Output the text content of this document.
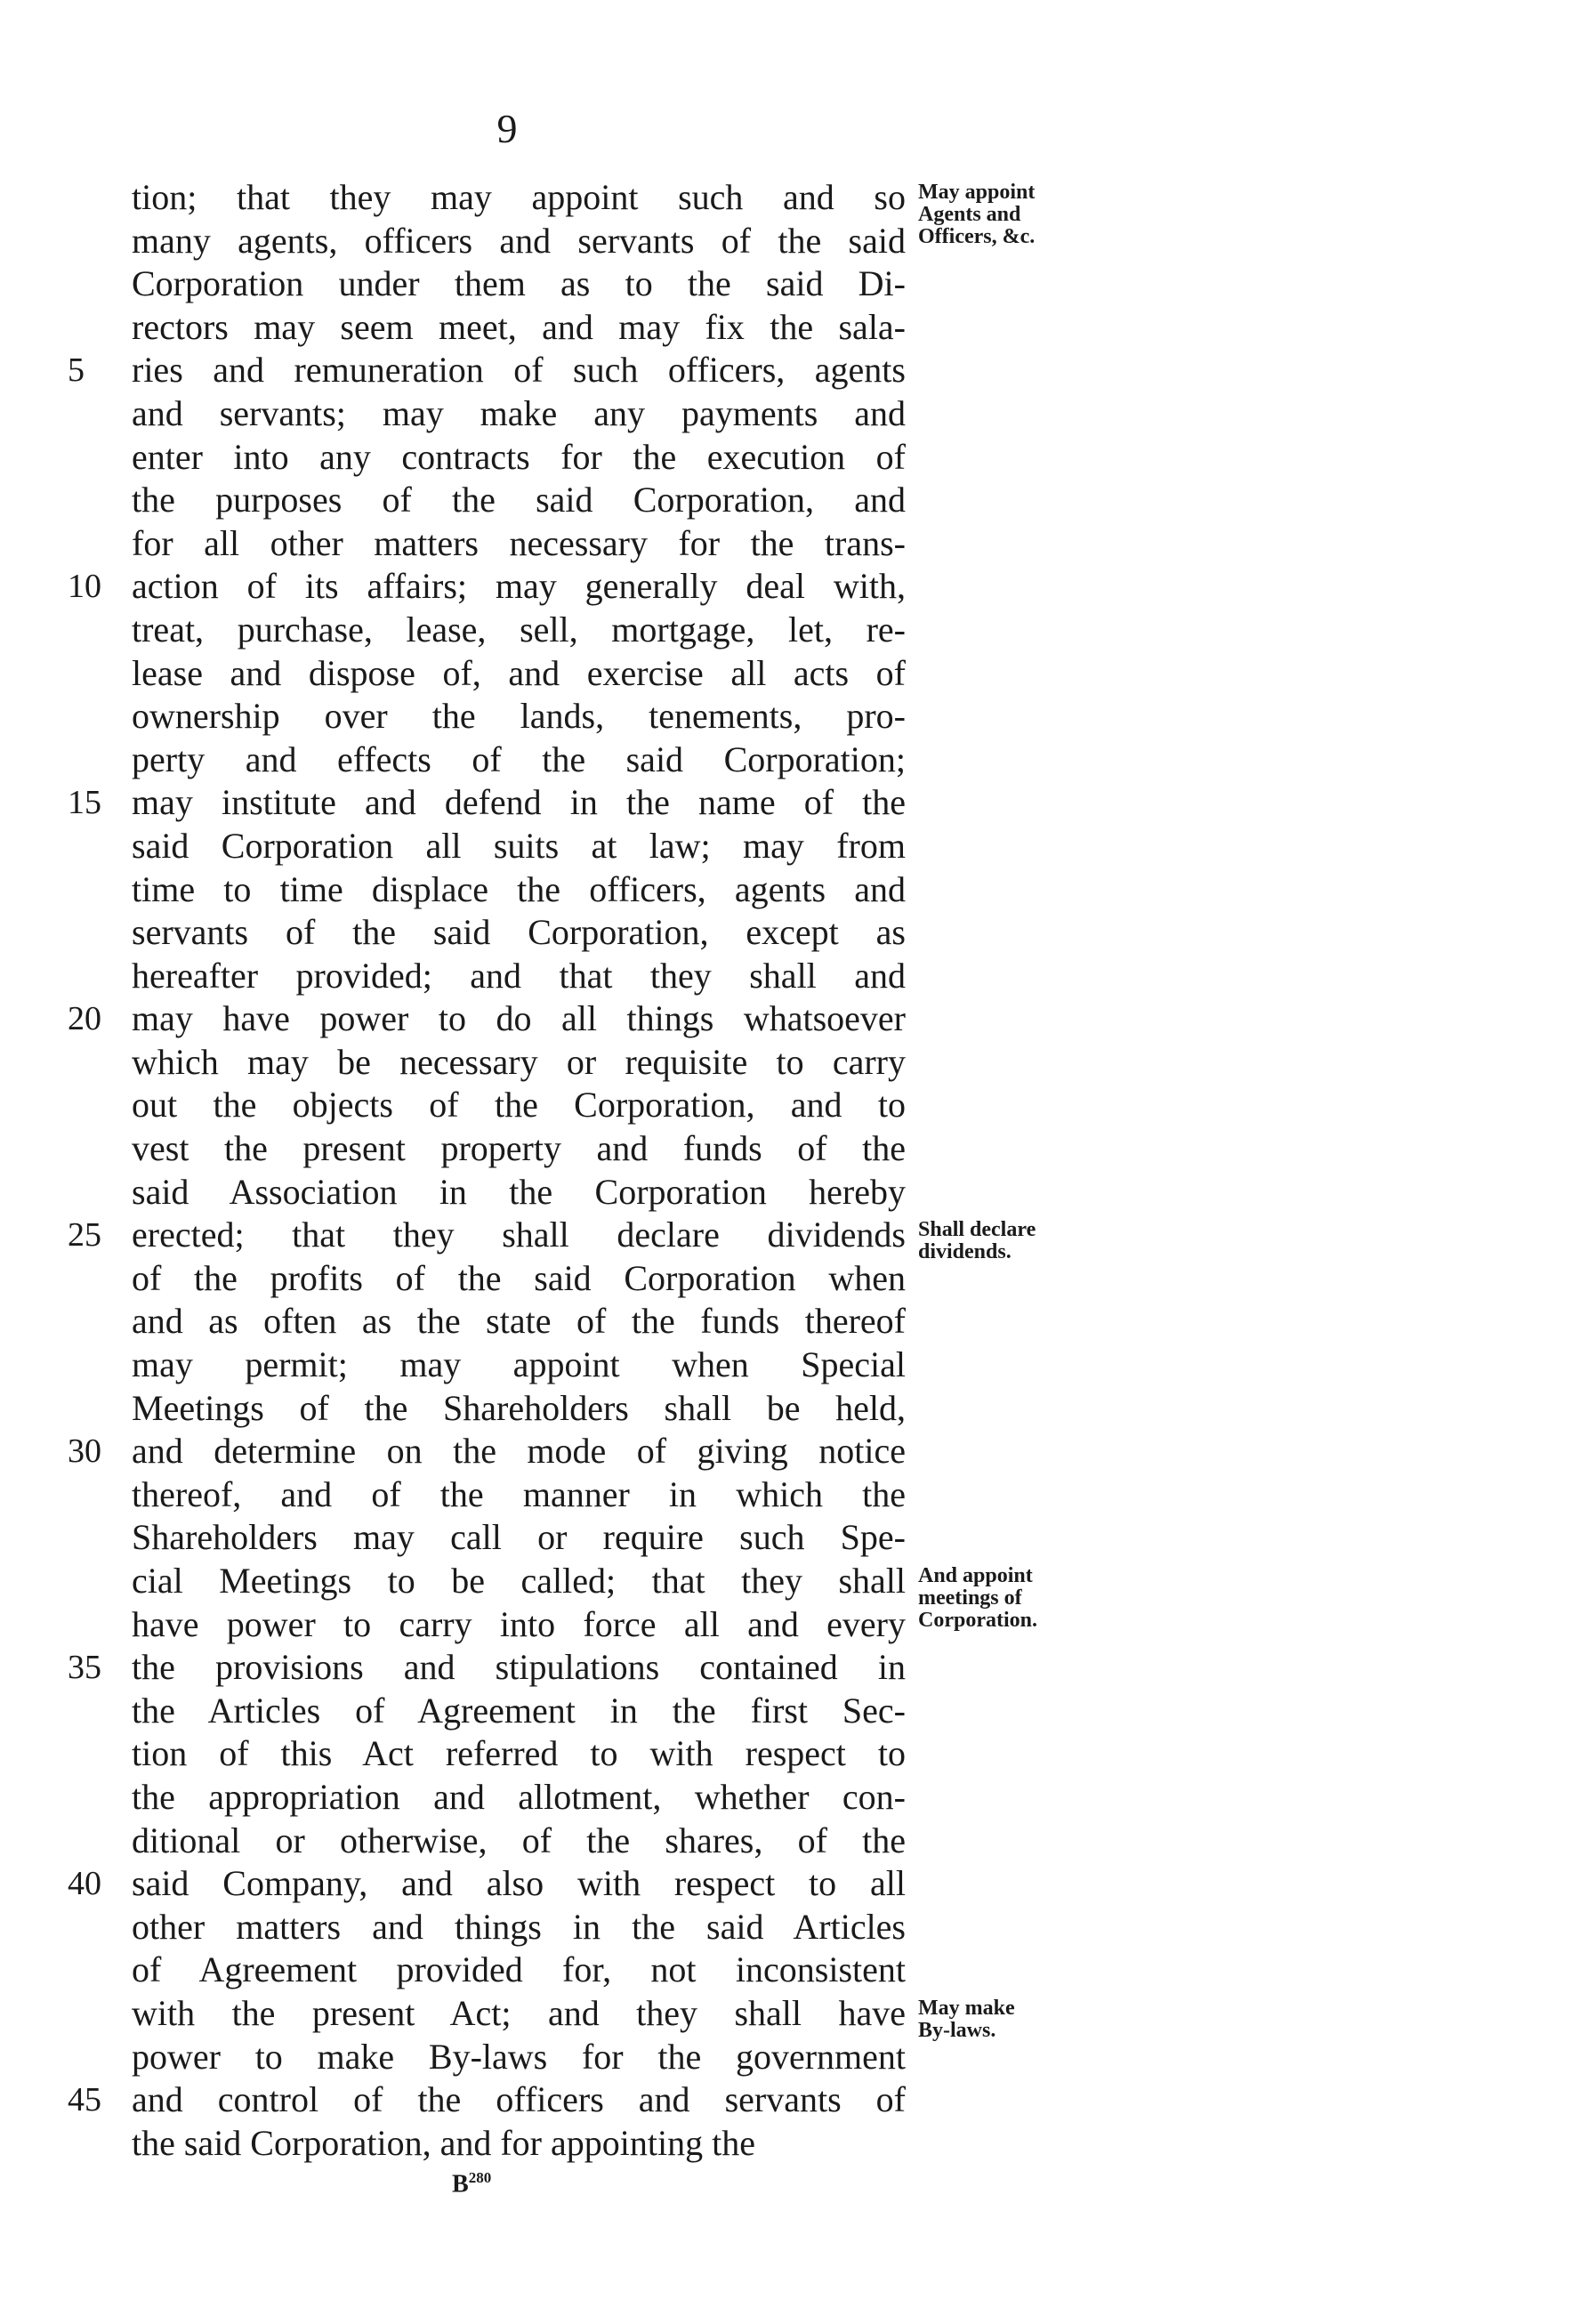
9
tion; that they may appoint such and so
many agents, officers and servants of the said
Corporation under them as to the said Di-
rectors may seem meet, and may fix the sala-
5	ries and remuneration of such officers, agents
and servants; may make any payments and
enter into any contracts for the execution of
the purposes of the said Corporation, and
for all other matters necessary for the trans-
10 action of its affairs; may generally deal with,
treat, purchase, lease, sell, mortgage, let, re-
lease and dispose of, and exercise all acts of
ownership over the lands, tenements, pro-
perty and effects of the said Corporation;
15 may institute and defend in the name of the
said Corporation all suits at law; may from
time to time displace the officers, agents and
servants of the said Corporation, except as
hereafter provided; and that they shall and
20 may have power to do all things whatsoever
which may be necessary or requisite to carry
out the objects of the Corporation, and to
vest the present property and funds of the
said Association in the Corporation hereby
25 erected; that they shall declare dividends
of the profits of the said Corporation when
and as often as the state of the funds thereof
may permit; may appoint when Special
Meetings of the Shareholders shall be held,
30 and determine on the mode of giving notice
thereof, and of the manner in which the
Shareholders may call or require such Spe-
cial Meetings to be called; that they shall
have power to carry into force all and every
35 the provisions and stipulations contained in
the Articles of Agreement in the first Sec-
tion of this Act referred to with respect to
the appropriation and allotment, whether con-
ditional or otherwise, of the shares, of the
40 said Company, and also with respect to all
other matters and things in the said Articles
of Agreement provided for, not inconsistent
with the present Act; and they shall have
power to make By-laws for the government
45 and control of the officers and servants of
the said Corporation, and for appointing the
May appoint
Agents and
Officers, &c.
Shall declare
dividends.
And appoint
meetings of
Corporation.
May make
By-laws.
$B^{280}$
